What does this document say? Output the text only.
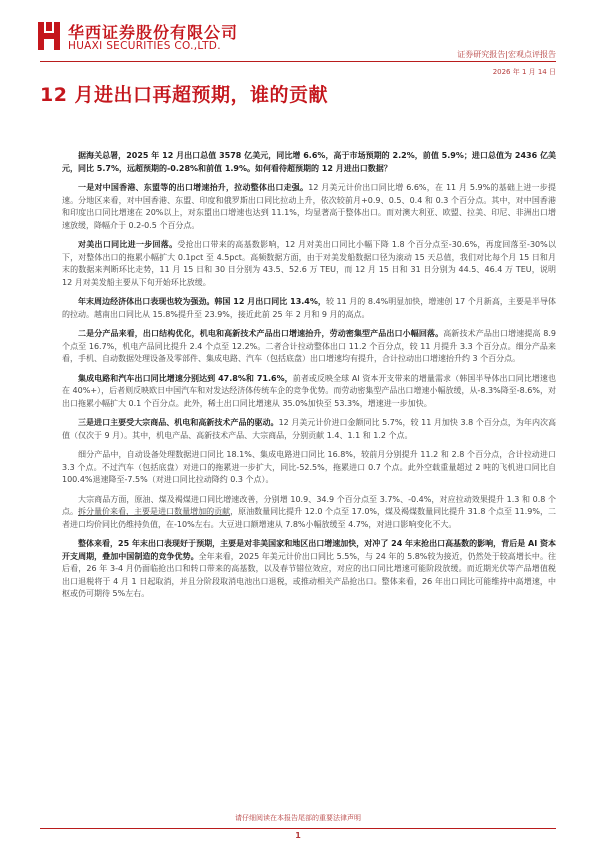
华西证券股份有限公司
HUAXI SECURITIES CO.,LTD.
证券研究报告|宏观点评报告
2026 年 1 月 14 日
12 月进出口再超预期，谁的贡献

据海关总署，2025 年 12 月出口总值 3578 亿美元，同比增 6.6%，高于市场预期的 2.2%，前值 5.9%；进口总值为 2436 亿美元，同比 5.7%，远超预期的-0.28%和前值 1.9%。如何看待超预期的 12 月进出口数据？

一是对中国香港、东盟等的出口增速抬升，拉动整体出口走强。12 月美元计价出口同比增 6.6%，在 11 月 5.9%的基础上进一步提速。分地区来看，对中国香港、东盟、印度和俄罗斯出口同比拉动上升，依次较前月+0.9、0.5、0.4 和 0.3 个百分点。其中，对中国香港和印度出口同比增速在 20%以上，对东盟出口增速也达到 11.1%，均显著高于整体出口。而对澳大利亚、欧盟、拉美、印尼、非洲出口增速放缓，降幅介于 0.2-0.5 个百分点。

对美出口同比进一步回落。受抢出口带来的高基数影响，12 月对美出口同比小幅下降 1.8 个百分点至-30.6%，再度回落至-30%以下，对整体出口的拖累小幅扩大 0.1pct 至 4.5pct。高频数据方面，由于对美发船数据口径为滚动 15 天总值，我们对比每个月 15 日和月末的数据来判断环比走势，11 月 15 日和 30 日分别为 43.5、52.6 万 TEU，而 12 月 15 日和 31 日分别为 44.5、46.4 万 TEU，说明 12 月对美发船主要从下旬开始环比放缓。

年末周边经济体出口表现也较为强劲。韩国 12 月出口同比 13.4%，较 11 月的 8.4%明显加快，增速创 17 个月新高，主要是半导体的拉动。越南出口同比从 15.8%提升至 23.9%，接近此前 25 年 2 月和 9 月的高点。

二是分产品来看，出口结构优化，机电和高新技术产品出口增速抬升，劳动密集型产品出口小幅回落。高新技术产品出口增速提高 8.9 个点至 16.7%，机电产品同比提升 2.4 个点至 12.2%。二者合计拉动整体出口 11.2 个百分点，较 11 月提升 3.3 个百分点。细分产品来看，手机、自动数据处理设备及零部件、集成电路、汽车（包括底盘）出口增速均有提升，合计拉动出口增速抬升约 3 个百分点。

集成电路和汽车出口同比增速分别达到 47.8%和 71.6%，前者或反映全球 AI 资本开支带来的增量需求（韩国半导体出口同比增速也在 40%+），后者则反映欧日中国汽车和对发达经济体传统车企的竞争优势。而劳动密集型产品出口增速小幅放缓，从-8.3%降至-8.6%，对出口拖累小幅扩大 0.1 个百分点。此外，稀土出口同比增速从 35.0%加快至 53.3%，增速进一步加快。

三是进口主要受大宗商品、机电和高新技术产品的驱动。12 月美元计价进口金额同比 5.7%，较 11 月加快 3.8 个百分点，为年内次高值（仅次于 9 月）。其中，机电产品、高新技术产品、大宗商品，分别贡献 1.4、1.1 和 1.2 个点。

细分产品中，自动设备处理数据进口同比 18.1%、集成电路进口同比 16.8%，较前月分别提升 11.2 和 2.8 个百分点，合计拉动进口 3.3 个点。不过汽车（包括底盘）对进口的拖累进一步扩大，同比-52.5%，拖累进口 0.7 个点。此外空载重量超过 2 吨的飞机进口同比自 100.4%退速降至-7.5%（对进口同比拉动降约 0.3 个点）。

大宗商品方面，原油、煤及褐煤进口同比增速改善，分别增 10.9、34.9 个百分点至 3.7%、-0.4%，对应拉动效果提升 1.3 和 0.8 个点。拆分量价来看，主要是进口数量增加的贡献，原油数量同比提升 12.0 个点至 17.0%，煤及褐煤数量同比提升 31.8 个点至 11.9%，二者进口均价同比仍维持负值，在-10%左右。大豆进口额增速从 7.8%小幅放缓至 4.7%，对进口影响变化不大。

整体来看，25 年末出口表现好于预期，主要是对非美国家和地区出口增速加快，对冲了 24 年末抢出口高基数的影响，背后是 AI 资本开支周期，叠加中国制造的竞争优势。全年来看，2025 年美元计价出口同比 5.5%，与 24 年的 5.8%较为接近，仍然处于较高增长中。往后看，26 年 3-4 月仍面临抢出口和转口带来的高基数，以及春节错位效应，对应的出口同比增速可能阶段放缓。而近期光伏等产品增值税出口退税将于 4 月 1 日起取消，并且分阶段取消电池出口退税，或推动相关产品抢出口。整体来看，26 年出口同比可能维持中高增速，中枢或仍可期待 5%左右。

请仔细阅读在本报告尾部的重要法律声明
1
